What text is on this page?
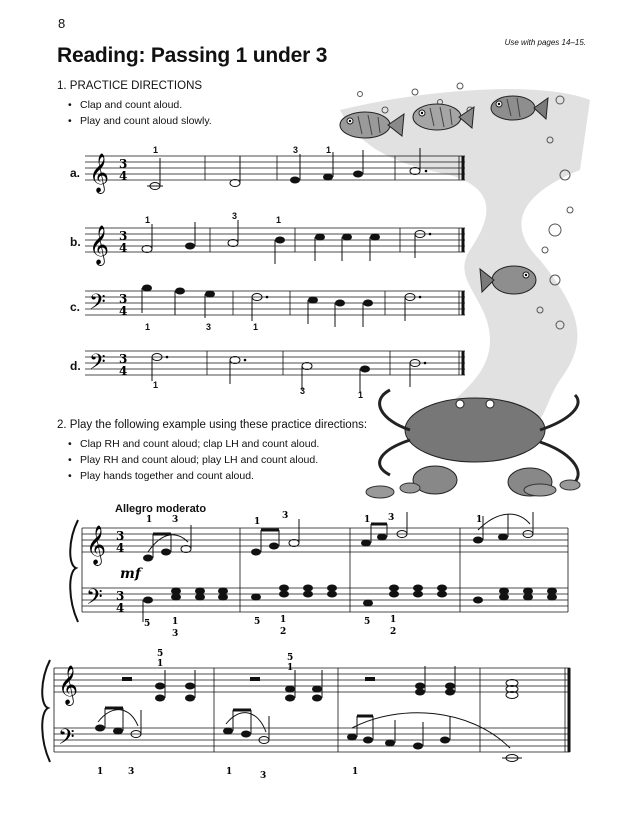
8
Reading: Passing 1 under 3
Use with pages 14–15.
1. PRACTICE DIRECTIONS
• Clap and count aloud.
• Play and count aloud slowly.
a.
b.
c.
d.
𝄞 3
4
1	3	1
𝄞 3
4
1	3	1
𝄢 3
4
1	3	1
𝄢 3
4
1
3	1
2. Play the following example using these practice directions:
• Clap RH and count aloud; clap LH and count aloud.
• Play RH and count aloud; play LH and count aloud.
• Play hands together and count aloud.
Allegro moderato
𝄞
𝄢
3
4
3
4
mf
1 3	1
3	1 3	1
5 1
3
5 1
2
5 1
2
𝄞
𝄢
5
1
5
1
1	3	1	3	1
